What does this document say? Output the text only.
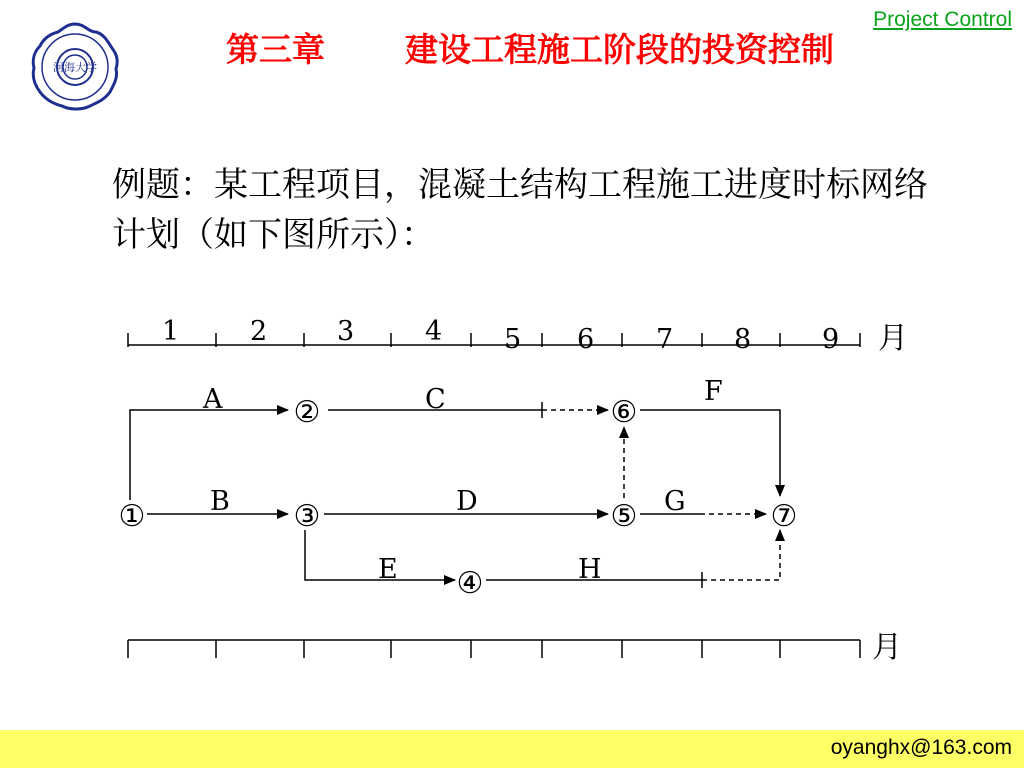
河海大学
Project Control
第三章 建设工程施工阶段的投资控制
例题：某工程项目，混凝土结构工程施工进度时标网络计划（如下图所示）：
1	2	3	4 5 6 7 8	9 月
月
A
B
C
D
E
F
G
H
①
②
③
④
⑤
⑥
⑦
oyanghx@163.com
